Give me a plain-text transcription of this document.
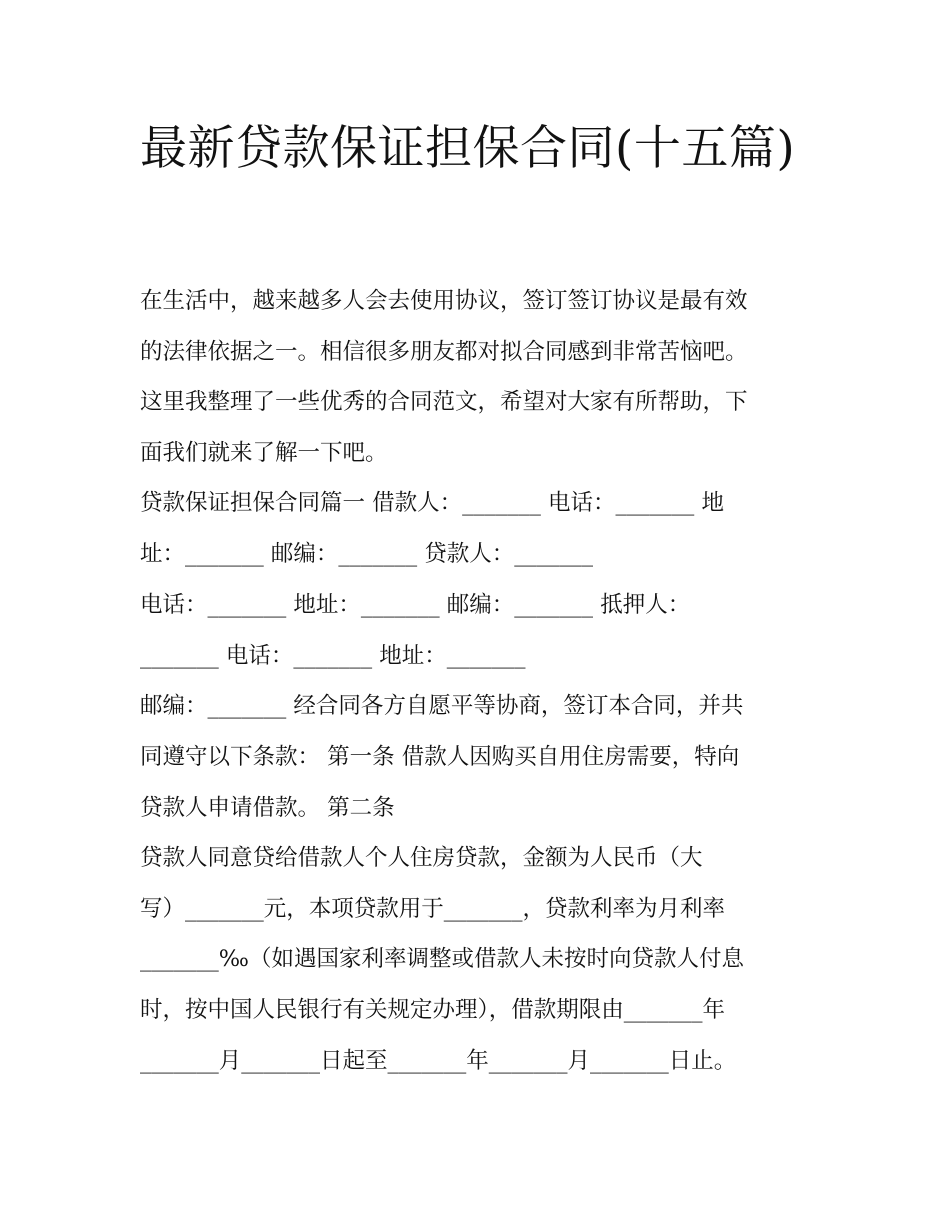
最新贷款保证担保合同(十五篇)

在生活中，越来越多人会去使用协议，签订签订协议是最有效

的法律依据之一。相信很多朋友都对拟合同感到非常苦恼吧。

这里我整理了一些优秀的合同范文，希望对大家有所帮助，下

面我们就来了解一下吧。

贷款保证担保合同篇一 借款人：_______ 电话：_______ 地

址：_______ 邮编：_______ 贷款人：_______

电话：_______ 地址：_______ 邮编：_______ 抵押人：

_______ 电话：_______ 地址：_______

邮编：_______ 经合同各方自愿平等协商，签订本合同，并共

同遵守以下条款： 第一条 借款人因购买自用住房需要，特向

贷款人申请借款。 第二条

贷款人同意贷给借款人个人住房贷款，金额为人民币（大

写）_______元，本项贷款用于_______，贷款利率为月利率

_______‰（如遇国家利率调整或借款人未按时向贷款人付息

时，按中国人民银行有关规定办理），借款期限由_______年

_______月_______日起至_______年_______月_______日止。
